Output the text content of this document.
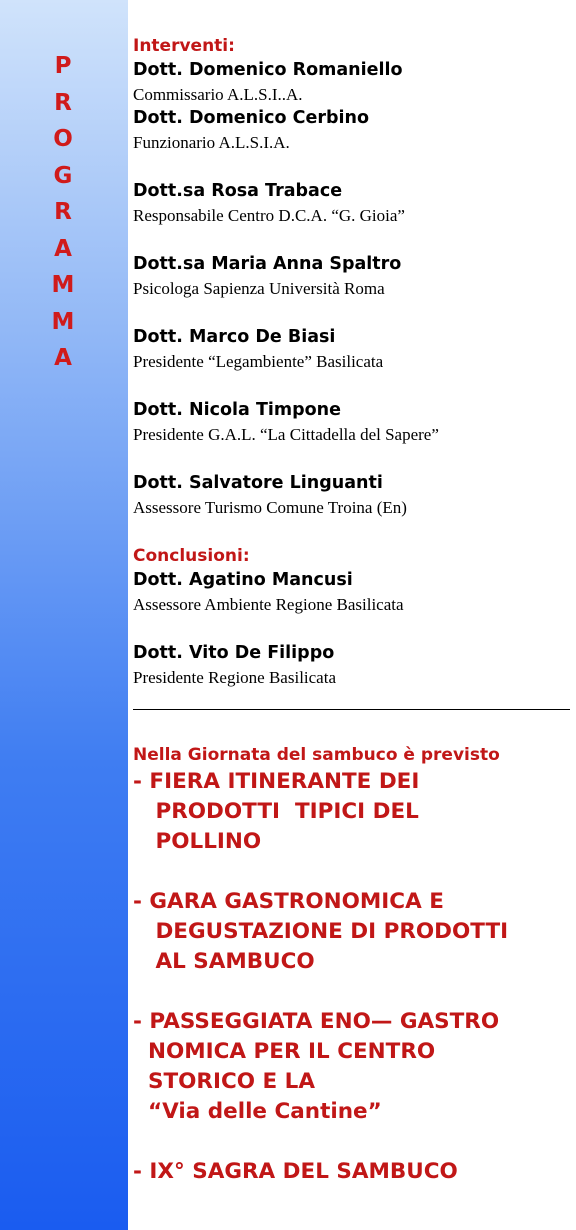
P
R
O
G
R
A
M
M
A
Interventi:
Dott. Domenico Romaniello
Commissario A.L.S.I..A.
Dott. Domenico Cerbino
Funzionario A.L.S.I.A.
Dott.sa Rosa Trabace
Responsabile Centro D.C.A. “G. Gioia”
Dott.sa Maria Anna Spaltro
Psicologa Sapienza Università Roma
Dott. Marco De Biasi
Presidente “Legambiente” Basilicata
Dott. Nicola Timpone
Presidente G.A.L. “La Cittadella del Sapere”
Dott. Salvatore Linguanti
Assessore Turismo Comune Troina (En)
Conclusioni:
Dott. Agatino Mancusi
Assessore Ambiente Regione Basilicata
Dott. Vito De Filippo
Presidente Regione Basilicata
Nella Giornata del sambuco è previsto
- FIERA ITINERANTE DEI
PRODOTTI  TIPICI DEL
POLLINO
- GARA GASTRONOMICA E
DEGUSTAZIONE DI PRODOTTI
AL SAMBUCO
- PASSEGGIATA ENO— GASTRO
NOMICA PER IL CENTRO
STORICO E LA
“Via delle Cantine”
- IX° SAGRA DEL SAMBUCO
